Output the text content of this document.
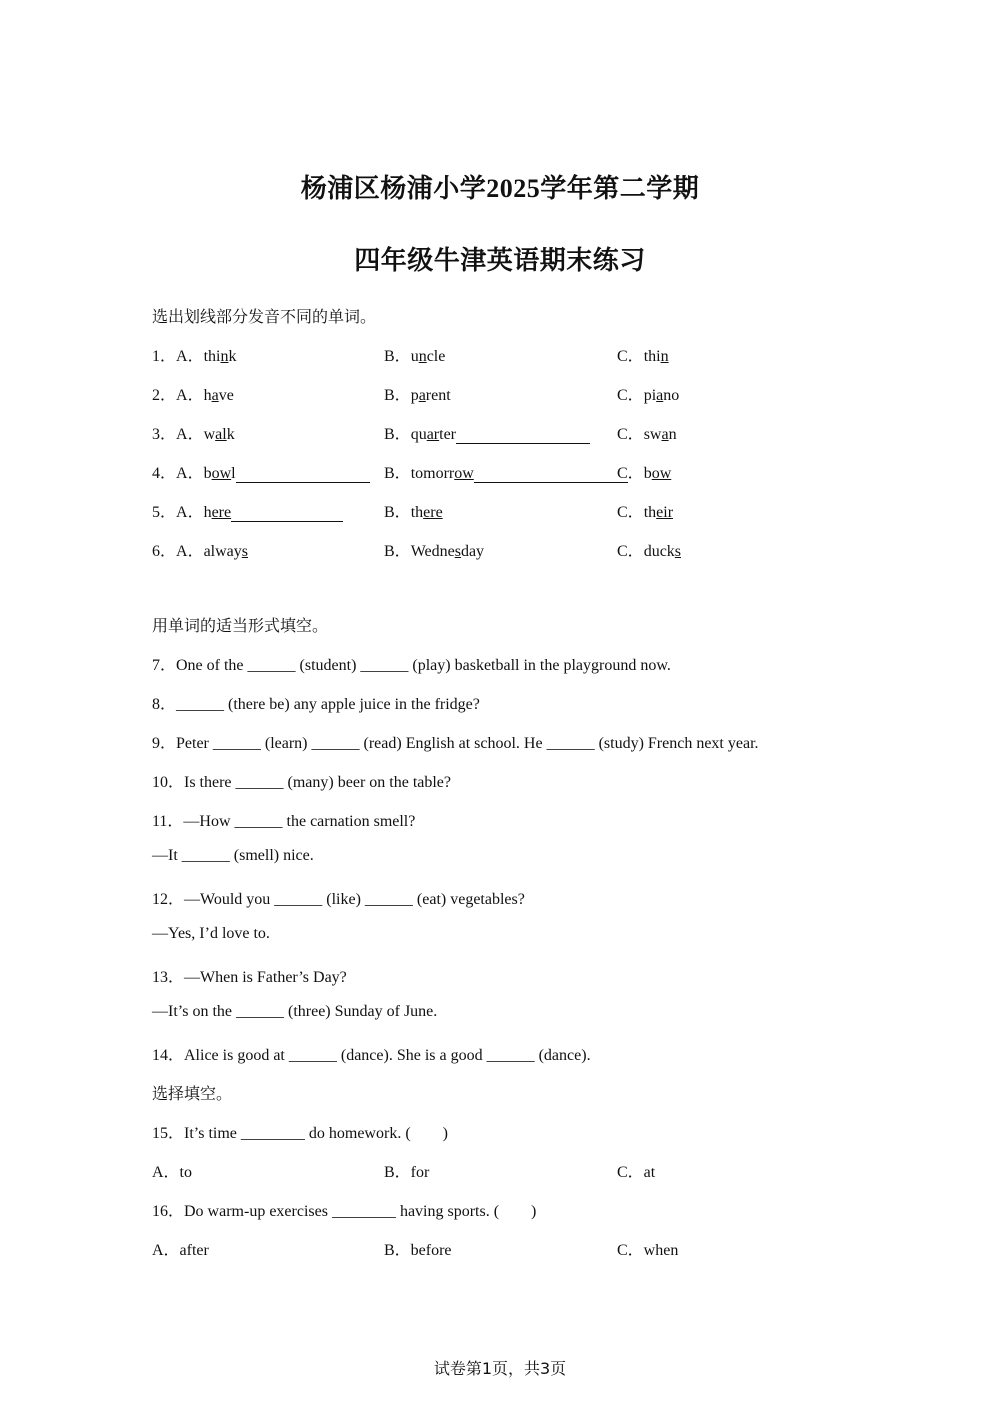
杨浦区杨浦小学2025学年第二学期
四年级牛津英语期末练习
选出划线部分发音不同的单词。
1．A．think	B．uncle	C．thin
2．A．have	B．parent	C．piano
3．A．walk	B．quarter	C．swan
4．A．bowl	B．tomorrow	C．bow
5．A．here	B．there	C．their
6．A．always	B．Wednesday	C．ducks
用单词的适当形式填空。
7．One of the ______ (student) ______ (play) basketball in the playground now.
8．______ (there be) any apple juice in the fridge?
9．Peter ______ (learn) ______ (read) English at school. He ______ (study) French next year.
10．Is there ______ (many) beer on the table?
11．—How ______ the carnation smell?
—It ______ (smell) nice.
12．—Would you ______ (like) ______ (eat) vegetables?
—Yes, I’d love to.
13．—When is Father’s Day?
—It’s on the ______ (three) Sunday of June.
14．Alice is good at ______ (dance). She is a good ______ (dance).
选择填空。
15．It’s time ________ do homework. (　　)
A．to	B．for	C．at
16．Do warm-up exercises ________ having sports. (　　)
A．after	B．before	C．when
试卷第1页，共3页
